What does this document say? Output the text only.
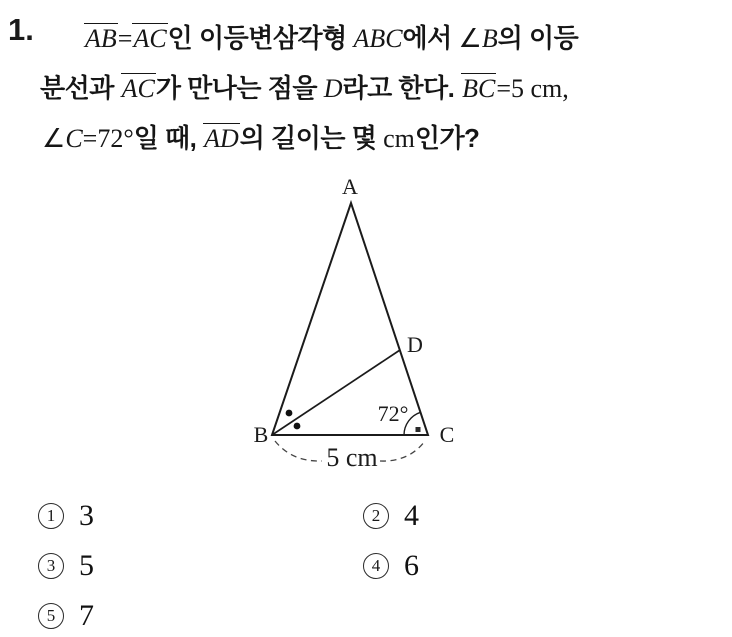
1. AB=AC인 이등변삼각형 ABC에서 ∠B의 이등
분선과 AC가 만나는 점을 D라고 한다. BC=5 cm,
∠C=72°일 때, AD의 길이는 몇 cm인가?
A
B	C
D
72°
5 cm
1 3	2 4
3 5	4 6
5 7
